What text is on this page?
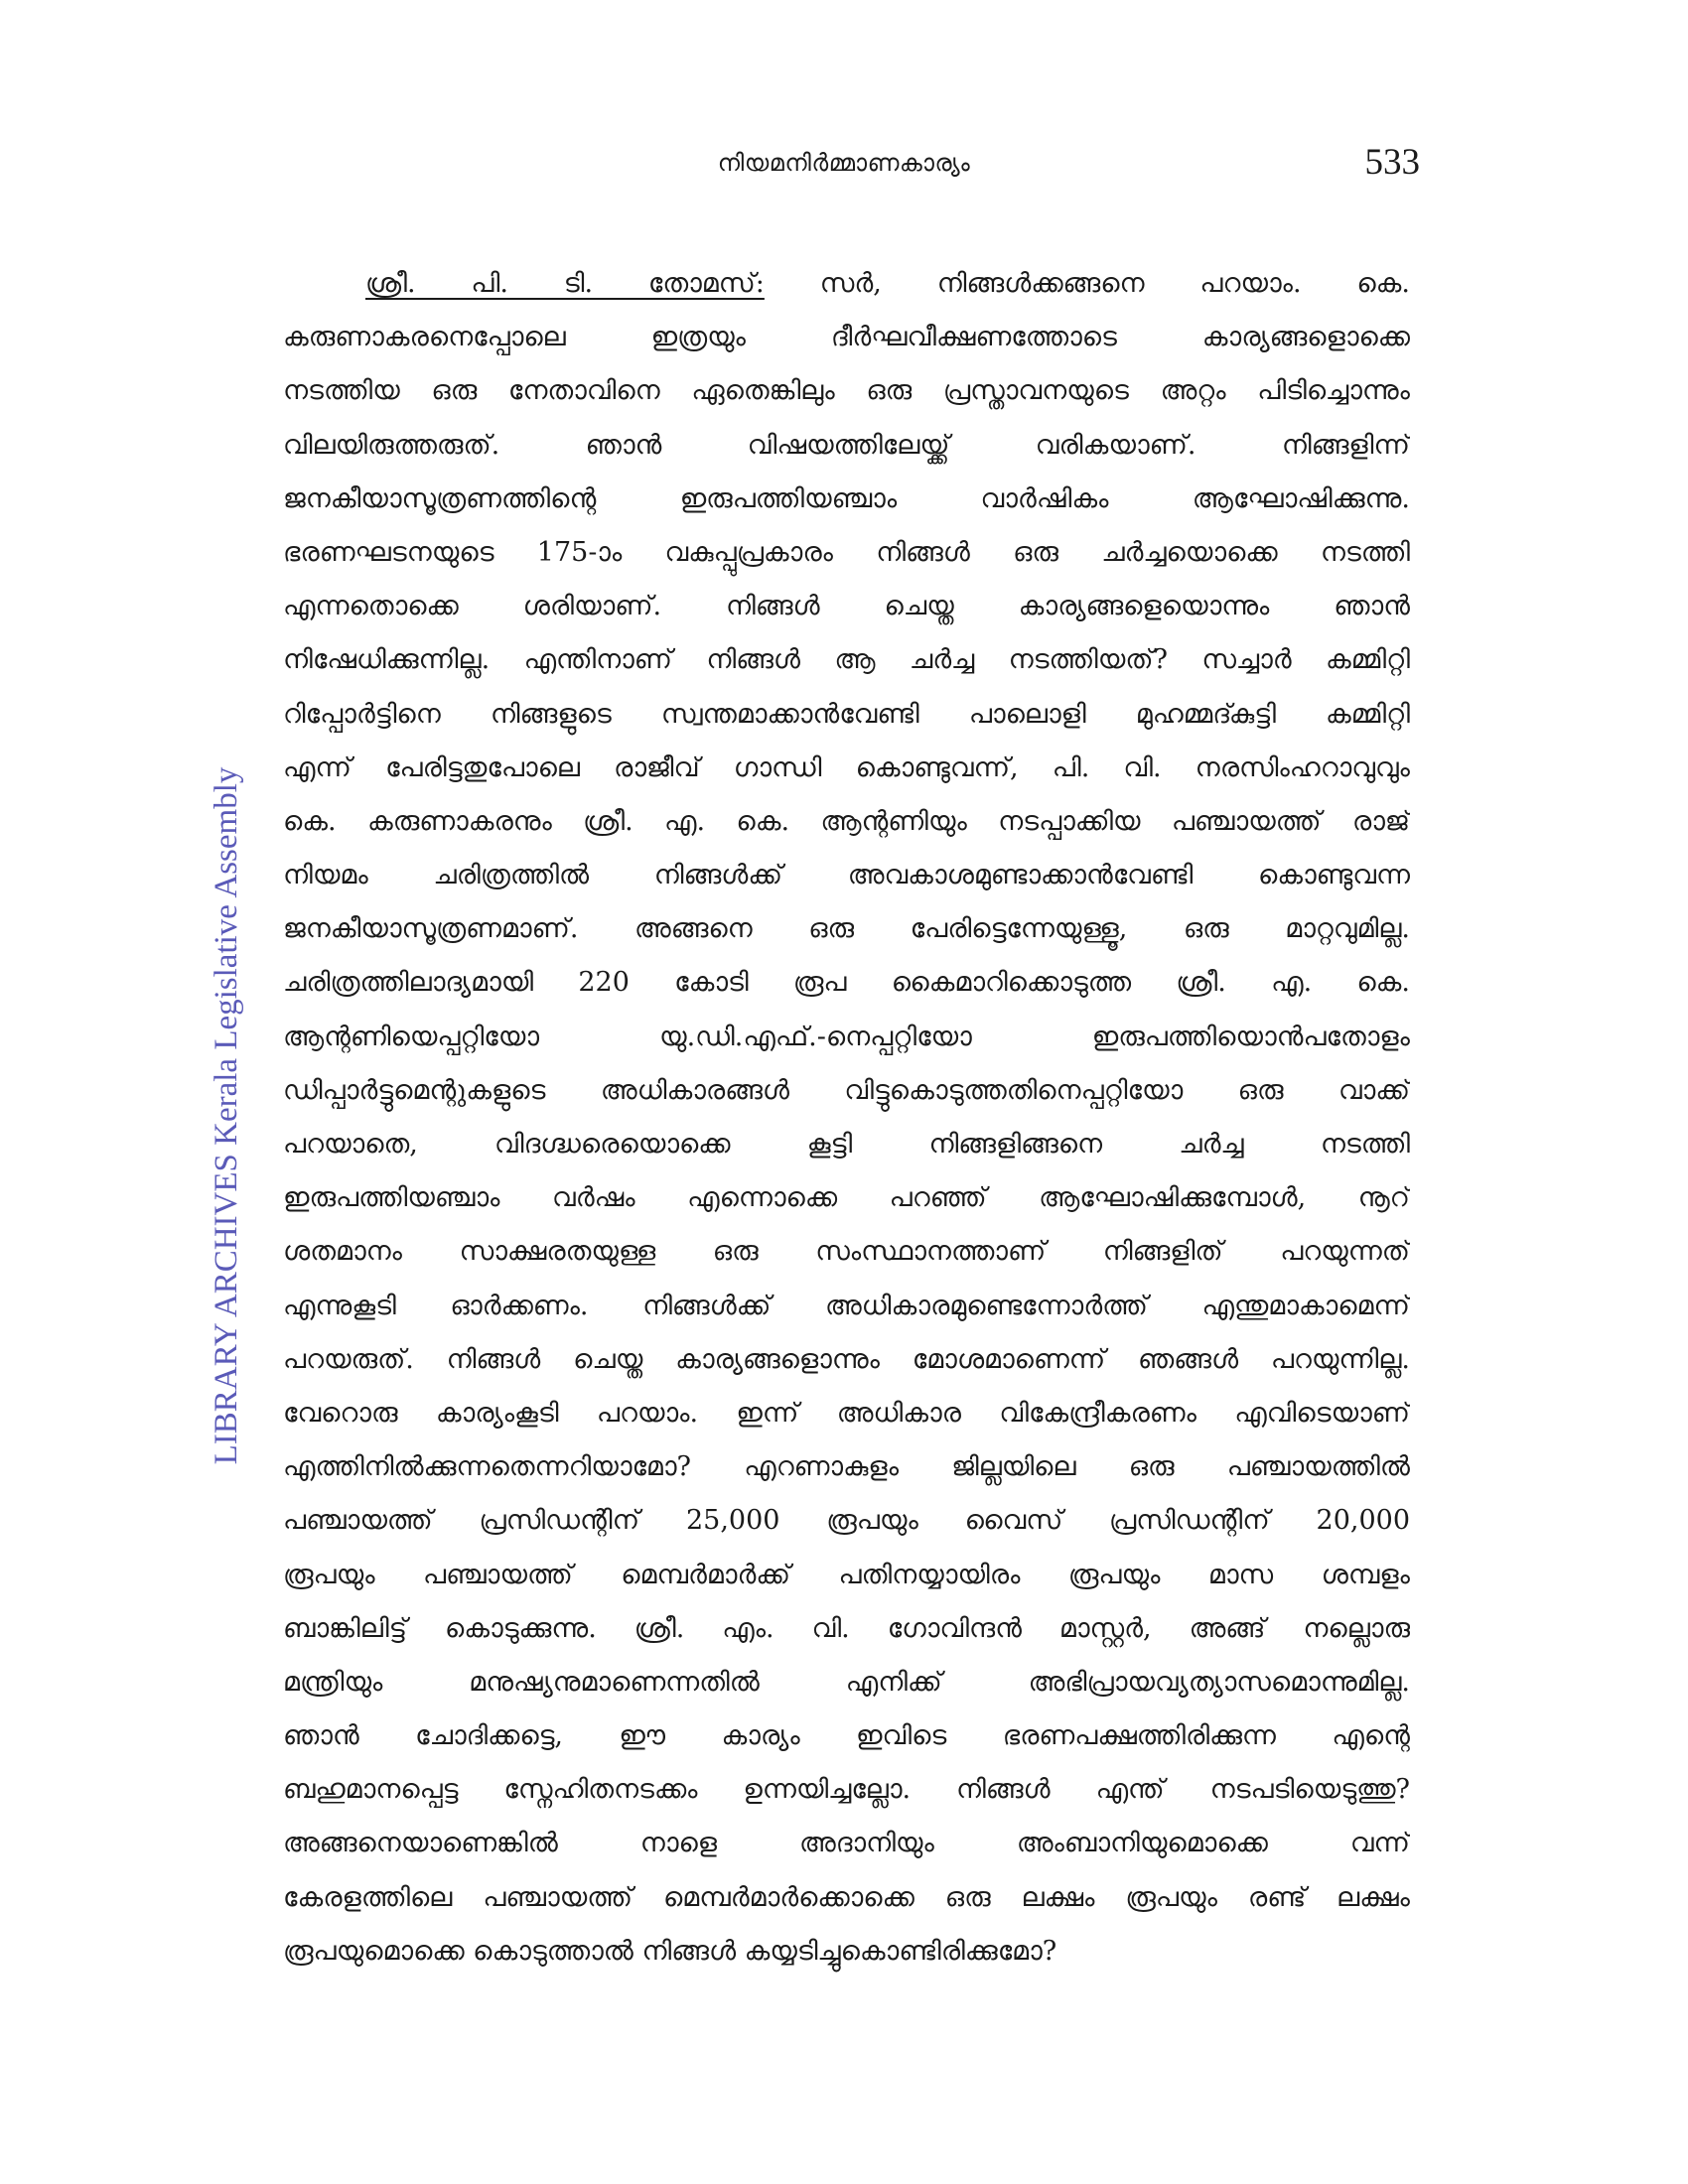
നിയമനിർമ്മാണകാര്യം	533
LIBRARY ARCHIVES Kerala Legislative Assembly
ശ്രീ. പി. ടി. തോമസ്: സർ, നിങ്ങൾക്കങ്ങനെ പറയാം. കെ.
കരുണാകരനെപ്പോലെ ഇത്രയും ദീർഘവീക്ഷണത്തോടെ കാര്യങ്ങളൊക്കെ
നടത്തിയ ഒരു നേതാവിനെ ഏതെങ്കിലും ഒരു പ്രസ്താവനയുടെ അറ്റം പിടിച്ചൊന്നും
വിലയിരുത്തരുത്. ഞാൻ വിഷയത്തിലേയ്ക്ക് വരികയാണ്. നിങ്ങളിന്ന്
ജനകീയാസൂത്രണത്തിന്റെ ഇരുപത്തിയഞ്ചാം വാർഷികം ആഘോഷിക്കുന്നു.
ഭരണഘടനയുടെ 175-ാം വകുപ്പുപ്രകാരം നിങ്ങൾ ഒരു ചർച്ചയൊക്കെ നടത്തി
എന്നതൊക്കെ ശരിയാണ്. നിങ്ങൾ ചെയ്ത കാര്യങ്ങളെയൊന്നും ഞാൻ
നിഷേധിക്കുന്നില്ല. എന്തിനാണ് നിങ്ങൾ ആ ചർച്ച നടത്തിയത്? സച്ചാർ കമ്മിറ്റി
റിപ്പോർട്ടിനെ നിങ്ങളുടെ സ്വന്തമാക്കാൻവേണ്ടി പാലൊളി മുഹമ്മദ്കുട്ടി കമ്മിറ്റി
എന്ന് പേരിട്ടതുപോലെ രാജീവ് ഗാന്ധി കൊണ്ടുവന്ന്, പി. വി. നരസിംഹറാവുവും
കെ. കരുണാകരനും ശ്രീ. എ. കെ. ആന്റണിയും നടപ്പാക്കിയ പഞ്ചായത്ത് രാജ്
നിയമം ചരിത്രത്തിൽ നിങ്ങൾക്ക് അവകാശമുണ്ടാക്കാൻവേണ്ടി കൊണ്ടുവന്ന
ജനകീയാസൂത്രണമാണ്. അങ്ങനെ ഒരു പേരിട്ടെന്നേയുള്ളൂ, ഒരു മാറ്റവുമില്ല.
ചരിത്രത്തിലാദ്യമായി 220 കോടി രൂപ കൈമാറിക്കൊടുത്ത ശ്രീ. എ. കെ.
ആന്റണിയെപ്പറ്റിയോ യു.ഡി.എഫ്.-നെപ്പറ്റിയോ ഇരുപത്തിയൊൻപതോളം
ഡിപ്പാർട്ടുമെന്റുകളുടെ അധികാരങ്ങൾ വിട്ടുകൊടുത്തതിനെപ്പറ്റിയോ ഒരു വാക്ക്
പറയാതെ, വിദഗ്ദ്ധരെയൊക്കെ കൂട്ടി നിങ്ങളിങ്ങനെ ചർച്ച നടത്തി
ഇരുപത്തിയഞ്ചാം വർഷം എന്നൊക്കെ പറഞ്ഞ് ആഘോഷിക്കുമ്പോൾ, നൂറ്
ശതമാനം സാക്ഷരതയുള്ള ഒരു സംസ്ഥാനത്താണ് നിങ്ങളിത് പറയുന്നത്
എന്നുകൂടി ഓർക്കണം. നിങ്ങൾക്ക് അധികാരമുണ്ടെന്നോർത്ത് എന്തുമാകാമെന്ന്
പറയരുത്. നിങ്ങൾ ചെയ്ത കാര്യങ്ങളൊന്നും മോശമാണെന്ന് ഞങ്ങൾ പറയുന്നില്ല.
വേറൊരു കാര്യംകൂടി പറയാം. ഇന്ന് അധികാര വികേന്ദ്രീകരണം എവിടെയാണ്
എത്തിനിൽക്കുന്നതെന്നറിയാമോ? എറണാകുളം ജില്ലയിലെ ഒരു പഞ്ചായത്തിൽ
പഞ്ചായത്ത് പ്രസിഡന്റിന് 25,000 രൂപയും വൈസ് പ്രസിഡന്റിന് 20,000
രൂപയും പഞ്ചായത്ത് മെമ്പർമാർക്ക് പതിനയ്യായിരം രൂപയും മാസ ശമ്പളം
ബാങ്കിലിട്ട് കൊടുക്കുന്നു. ശ്രീ. എം. വി. ഗോവിന്ദൻ മാസ്റ്റർ, അങ്ങ് നല്ലൊരു
മന്ത്രിയും മനുഷ്യനുമാണെന്നതിൽ എനിക്ക് അഭിപ്രായവ്യത്യാസമൊന്നുമില്ല.
ഞാൻ ചോദിക്കട്ടെ, ഈ കാര്യം ഇവിടെ ഭരണപക്ഷത്തിരിക്കുന്ന എന്റെ
ബഹുമാനപ്പെട്ട സ്നേഹിതനടക്കം ഉന്നയിച്ചല്ലോ. നിങ്ങൾ എന്ത് നടപടിയെടുത്തു?
അങ്ങനെയാണെങ്കിൽ നാളെ അദാനിയും അംബാനിയുമൊക്കെ വന്ന്
കേരളത്തിലെ പഞ്ചായത്ത് മെമ്പർമാർക്കൊക്കെ ഒരു ലക്ഷം രൂപയും രണ്ട് ലക്ഷം
രൂപയുമൊക്കെ കൊടുത്താൽ നിങ്ങൾ കയ്യടിച്ചുകൊണ്ടിരിക്കുമോ?
